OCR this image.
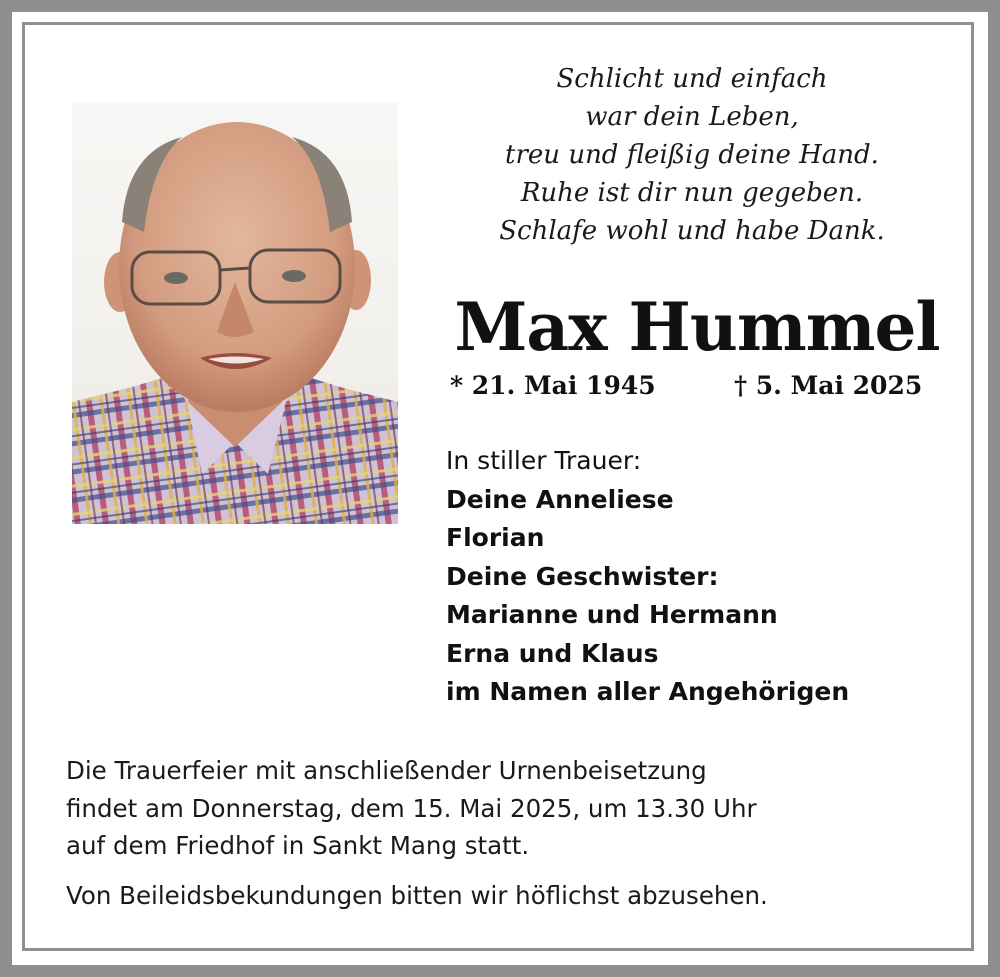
Schlicht und einfach
war dein Leben,
treu und fleißig deine Hand.
Ruhe ist dir nun gegeben.
Schlafe wohl und habe Dank.
Max Hummel
* 21. Mai 1945	† 5. Mai 2025
In stiller Trauer:
Deine Anneliese
Florian
Deine Geschwister:
Marianne und Hermann
Erna und Klaus
im Namen aller Angehörigen
Die Trauerfeier mit anschließender Urnenbeisetzung
findet am Donnerstag, dem 15. Mai 2025, um 13.30 Uhr
auf dem Friedhof in Sankt Mang statt.
Von Beileidsbekundungen bitten wir höflichst abzusehen.
